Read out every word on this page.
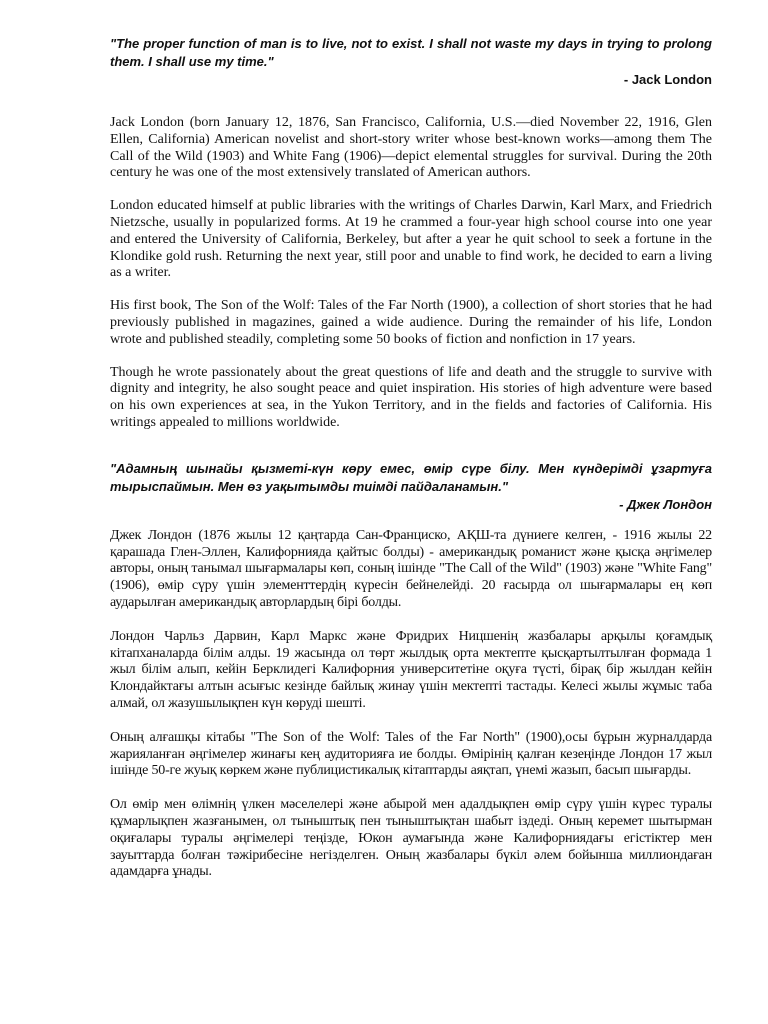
"The proper function of man is to live, not to exist. I shall not waste my days in trying to prolong them. I shall use my time."

- Jack London

Jack London (born January 12, 1876, San Francisco, California, U.S.—died November 22, 1916, Glen Ellen, California) American novelist and short-story writer whose best-known works—among them The Call of the Wild (1903) and White Fang (1906)—depict elemental struggles for survival. During the 20th century he was one of the most extensively translated of American authors.

London educated himself at public libraries with the writings of Charles Darwin, Karl Marx, and Friedrich Nietzsche, usually in popularized forms. At 19 he crammed a four-year high school course into one year and entered the University of California, Berkeley, but after a year he quit school to seek a fortune in the Klondike gold rush. Returning the next year, still poor and unable to find work, he decided to earn a living as a writer.

His first book, The Son of the Wolf: Tales of the Far North (1900), a collection of short stories that he had previously published in magazines, gained a wide audience. During the remainder of his life, London wrote and published steadily, completing some 50 books of fiction and nonfiction in 17 years.

Though he wrote passionately about the great questions of life and death and the struggle to survive with dignity and integrity, he also sought peace and quiet inspiration. His stories of high adventure were based on his own experiences at sea, in the Yukon Territory, and in the fields and factories of California. His writings appealed to millions worldwide.

"Адамның шынайы қызметі-күн көру емес, өмір сүре білу. Мен күндерімді ұзартуға тырыспаймын. Мен өз уақытымды тиімді пайдаланамын."

- Джек Лондон

Джек Лондон (1876 жылы 12 қаңтарда Сан-Франциско, АҚШ-та дүниеге келген, - 1916 жылы 22 қарашада Глен-Эллен, Калифорнияда қайтыс болды) - американдық романист және қысқа әңгімелер авторы, оның танымал шығармалары көп, соның ішінде "The Call of the Wild" (1903) және "White Fang" (1906), өмір сүру үшін элементтердің күресін бейнелейді. 20 ғасырда ол шығармалары ең көп аударылған американдық авторлардың бірі болды.

Лондон Чарльз Дарвин, Карл Маркс және Фридрих Ницшенің жазбалары арқылы қоғамдық кітапханаларда білім алды. 19 жасында ол төрт жылдық орта мектепте қысқартылтылған формада 1 жыл білім алып, кейін Берклидегі Калифорния университетіне оқуға түсті, бірақ бір жылдан кейін Клондайктағы алтын асығыс кезінде байлық жинау үшін мектепті тастады. Келесі жылы жұмыс таба алмай, ол жазушылықпен күн көруді шешті.

Оның алғашқы кітабы "The Son of the Wolf: Tales of the Far North" (1900),осы бұрын журналдарда жарияланған әңгімелер жинағы кең аудиторияға ие болды. Өмірінің қалған кезеңінде Лондон 17 жыл ішінде 50-ге жуық көркем және публицистикалық кітаптарды аяқтап, үнемі жазып, басып шығарды.

Ол өмір мен өлімнің үлкен мәселелері және абырой мен адалдықпен өмір сүру үшін күрес туралы құмарлықпен жазғанымен, ол тыныштық пен тыныштықтан шабыт іздеді. Оның керемет шытырман оқиғалары туралы әңгімелері теңізде, Юкон аумағында және Калифорниядағы егістіктер мен зауыттарда болған тәжірибесіне негізделген. Оның жазбалары бүкіл әлем бойынша миллиондаған адамдарға ұнады.
